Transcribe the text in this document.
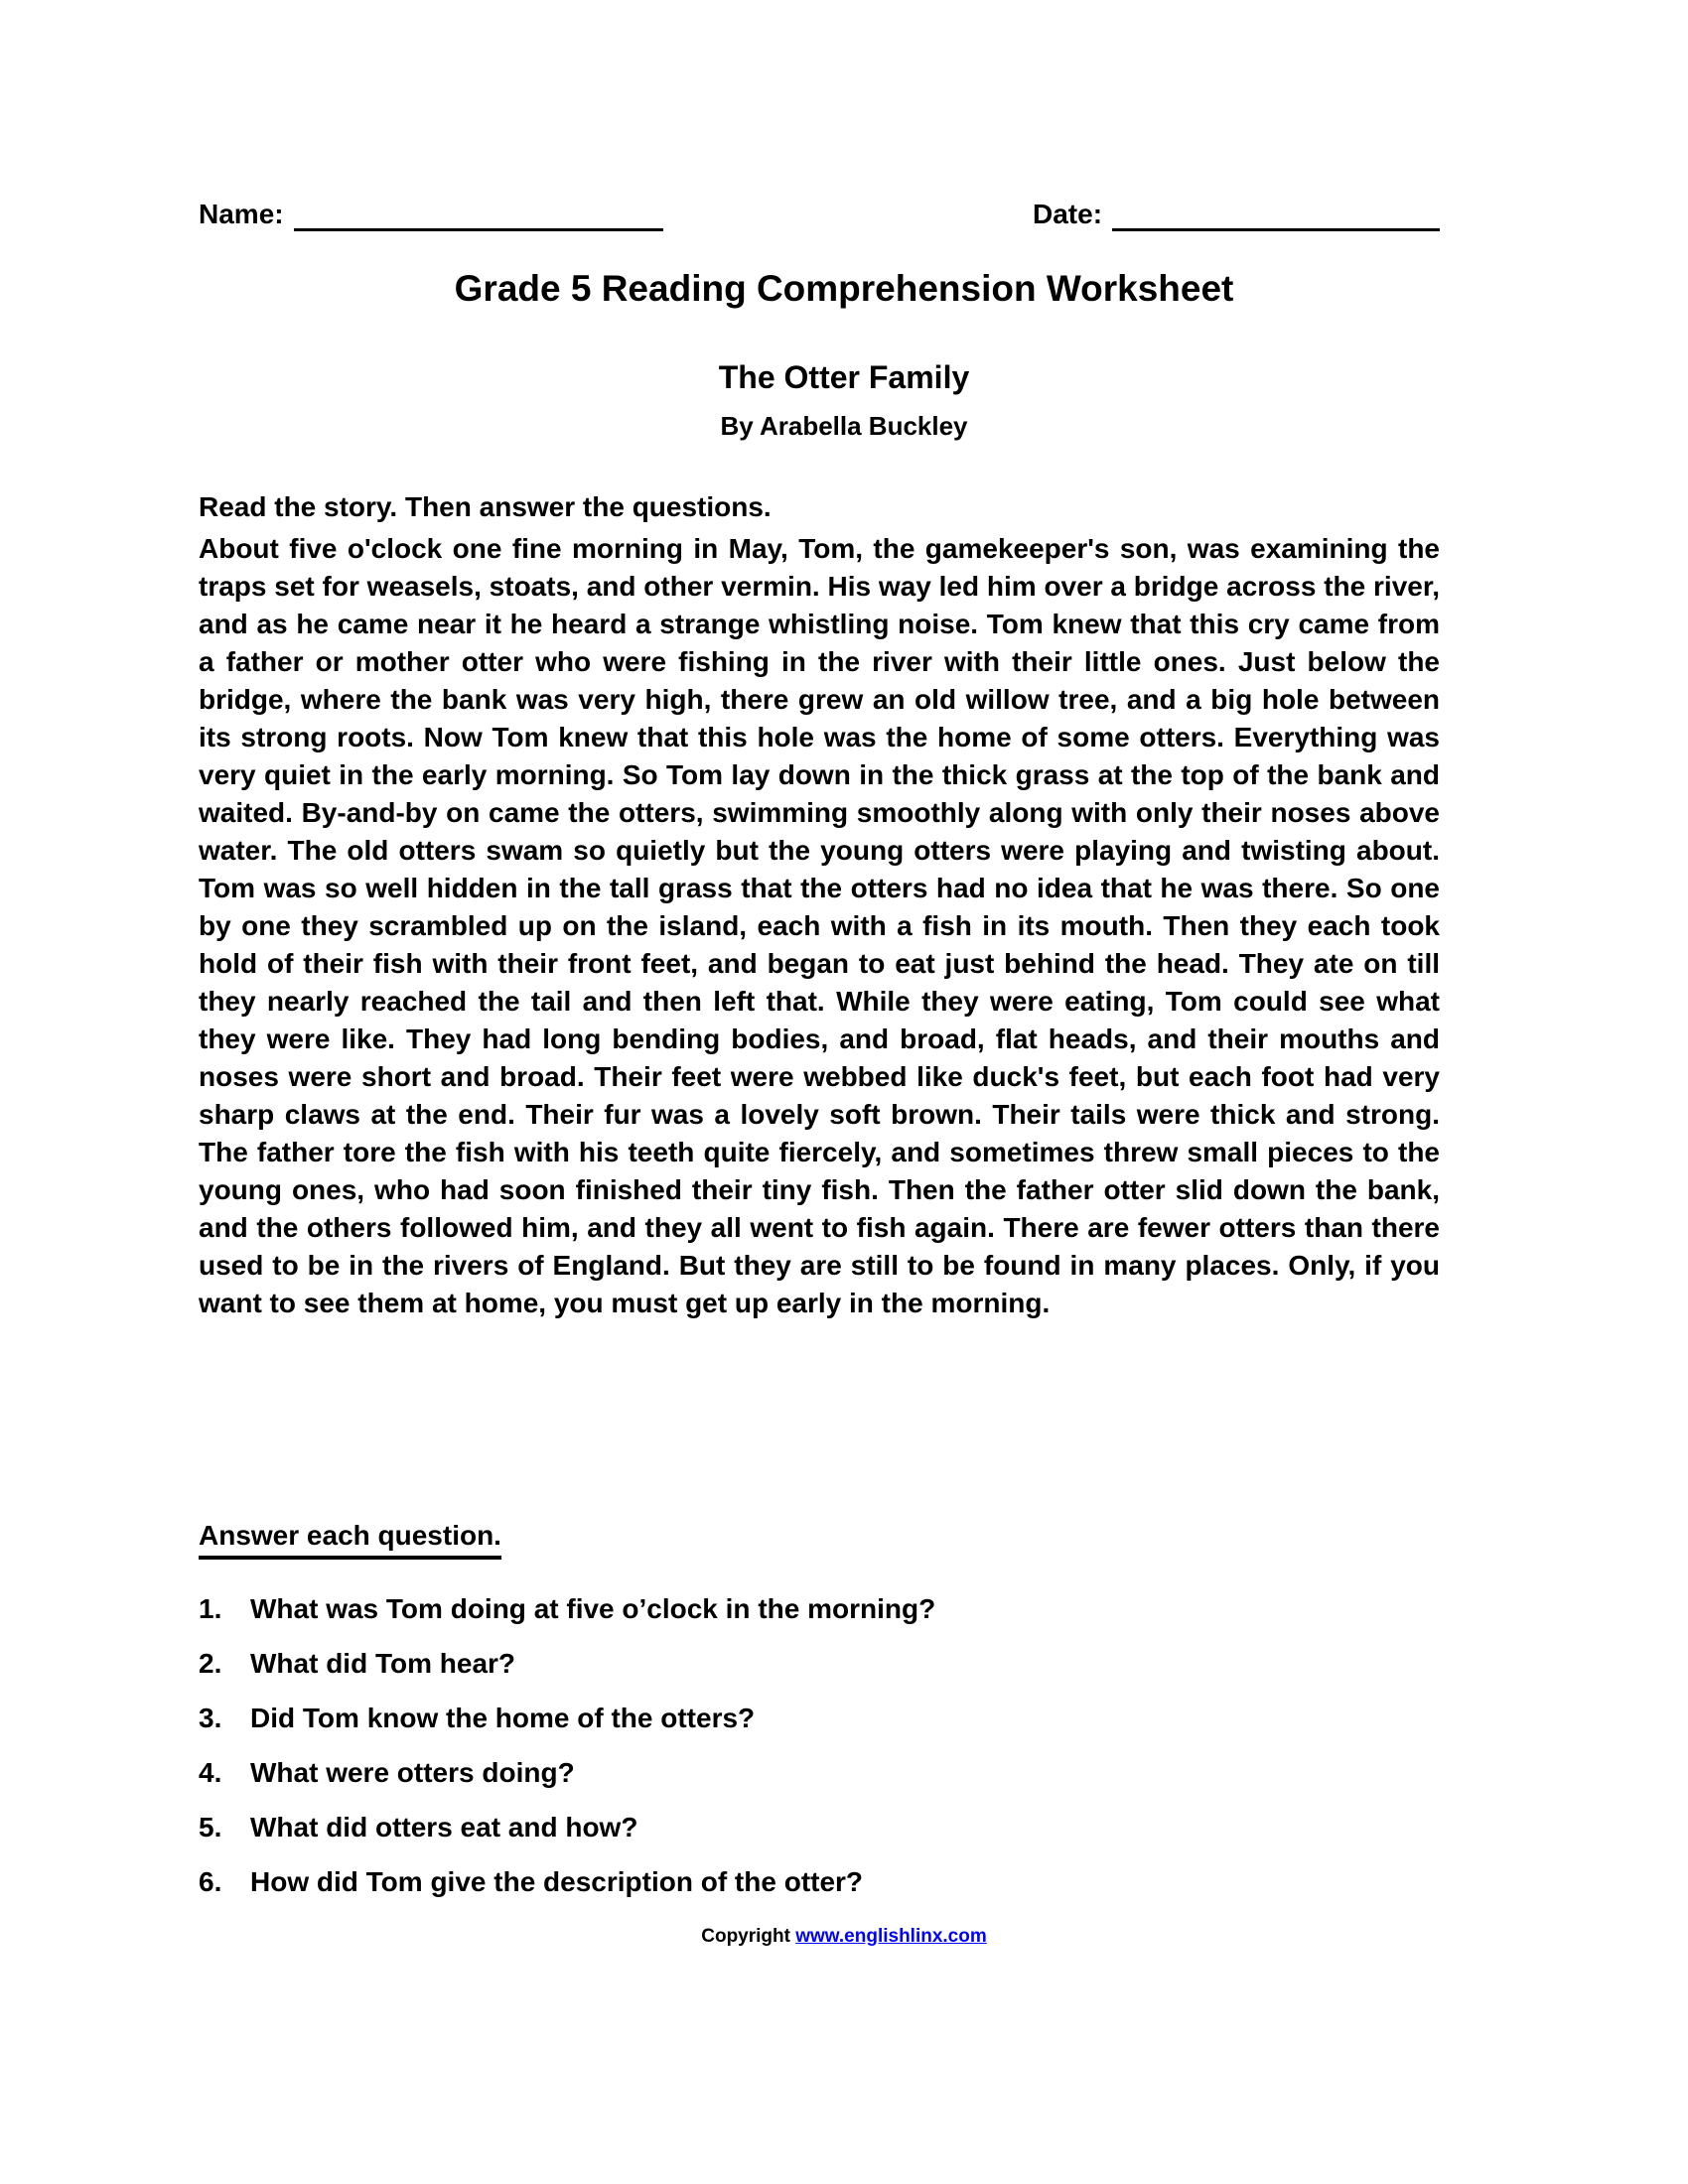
Name:	Date:
Grade 5 Reading Comprehension Worksheet
The Otter Family
By Arabella Buckley
Read the story. Then answer the questions.
About five o'clock one fine morning in May, Tom, the gamekeeper's son, was examining the traps set for weasels, stoats, and other vermin. His way led him over a bridge across the river, and as he came near it he heard a strange whistling noise. Tom knew that this cry came from a father or mother otter who were fishing in the river with their little ones. Just below the bridge, where the bank was very high, there grew an old willow tree, and a big hole between its strong roots. Now Tom knew that this hole was the home of some otters. Everything was very quiet in the early morning. So Tom lay down in the thick grass at the top of the bank and waited. By-and-by on came the otters, swimming smoothly along with only their noses above water. The old otters swam so quietly but the young otters were playing and twisting about. Tom was so well hidden in the tall grass that the otters had no idea that he was there. So one by one they scrambled up on the island, each with a fish in its mouth. Then they each took hold of their fish with their front feet, and began to eat just behind the head. They ate on till they nearly reached the tail and then left that. While they were eating, Tom could see what they were like. They had long bending bodies, and broad, flat heads, and their mouths and noses were short and broad. Their feet were webbed like duck's feet, but each foot had very sharp claws at the end. Their fur was a lovely soft brown. Their tails were thick and strong. The father tore the fish with his teeth quite fiercely, and sometimes threw small pieces to the young ones, who had soon finished their tiny fish. Then the father otter slid down the bank, and the others followed him, and they all went to fish again. There are fewer otters than there used to be in the rivers of England. But they are still to be found in many places. Only, if you want to see them at home, you must get up early in the morning.
Answer each question.
1.	What was Tom doing at five o’clock in the morning?
2.	What did Tom hear?
3.	Did Tom know the home of the otters?
4.	What were otters doing?
5.	What did otters eat and how?
6.	How did Tom give the description of the otter?
Copyright www.englishlinx.com
